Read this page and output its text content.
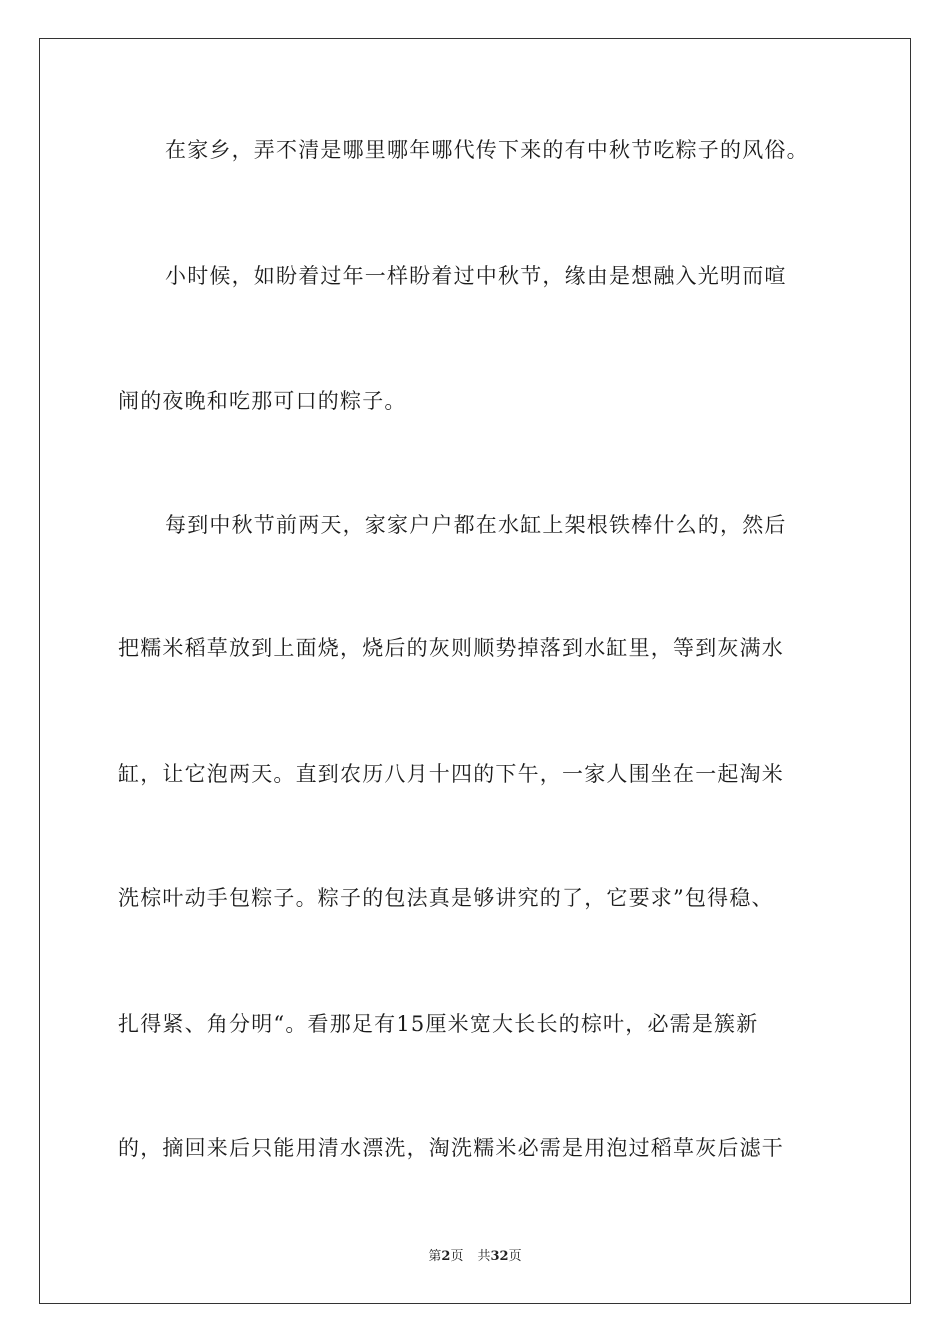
在家乡，弄不清是哪里哪年哪代传下来的有中秋节吃粽子的风俗。
小时候，如盼着过年一样盼着过中秋节，缘由是想融入光明而喧
闹的夜晚和吃那可口的粽子。
每到中秋节前两天，家家户户都在水缸上架根铁棒什么的，然后
把糯米稻草放到上面烧，烧后的灰则顺势掉落到水缸里，等到灰满水
缸，让它泡两天。直到农历八月十四的下午，一家人围坐在一起淘米
洗棕叶动手包粽子。粽子的包法真是够讲究的了，它要求”包得稳、
扎得紧、角分明“。看那足有15厘米宽大长长的棕叶，必需是簇新
的，摘回来后只能用清水漂洗，淘洗糯米必需是用泡过稻草灰后滤干
第2页 共32页
